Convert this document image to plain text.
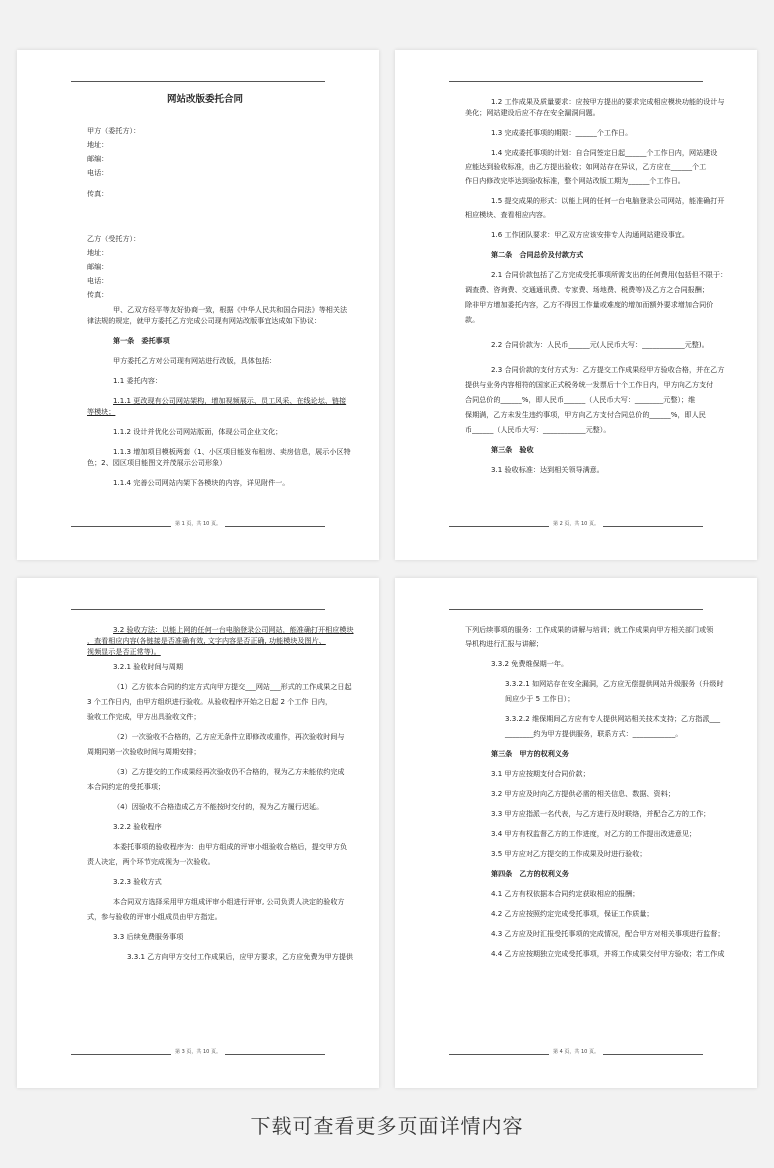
网站改版委托合同
甲方（委托方）：
地址：
邮编：
电话：
传真：
乙方（受托方）：
地址：
邮编：
电话：
传真：
甲、乙双方经平等友好协商一致，根据《中华人民共和国合同法》等相关法
律法规的规定，就甲方委托乙方完成公司现有网站改版事宜达成如下协议：
第一条　委托事项
甲方委托乙方对公司现有网站进行改版，具体包括：
1.1 委托内容：
1.1.1 更改现有公司网站架构，增加视频展示、员工风采、在线论坛、链接
等模块；
1.1.2 设计并优化公司网站版面，体现公司企业文化；
1.1.3 增加项目模板两套（1、小区项目能发布租房、卖房信息，展示小区特
色；2、园区项目能图文并茂展示公司形象）
1.1.4 完善公司网站内架下各模块的内容，详见附件一。
第 1 页，共 10 页。
1.2 工作成果及质量要求：应按甲方提出的要求完成相应模块功能的设计与
美化；网站建设后应不存在安全漏洞问题。
1.3 完成委托事项的期限：______个工作日。
1.4 完成委托事项的计划：自合同签定日起______个工作日内，网站建设
应能达到验收标准，由乙方提出验收；如网站存在异议，乙方应在______个工
作日内修改完毕达到验收标准，整个网站改版工期为______个工作日。
1.5 提交成果的形式：以能上网的任何一台电脑登录公司网站，能准确打开
相应模块、查看相应内容。
1.6 工作团队要求：甲乙双方应该安排专人沟通网站建设事宜。
第二条　合同总价及付款方式
2.1 合同价款包括了乙方完成受托事项所需支出的任何费用(包括但不限于：
调查费、咨询费、交通通讯费、专家费、场地费、税费等)及乙方之合同报酬；
除非甲方增加委托内容，乙方不得因工作量或难度的增加而额外要求增加合同价
款。
2.2 合同价款为：人民币______元(人民币大写：____________元整)。
2.3 合同价款的支付方式为：乙方提交工作成果经甲方验收合格，并在乙方
提供与业务内容相符的国家正式税务统一发票后十个工作日内，甲方向乙方支付
合同总价的______%，即人民币______（人民币大写：________元整）；维
保期满，乙方未发生违约事项，甲方向乙方支付合同总价的______%，即人民
币______（人民币大写：____________元整）。
第三条　验收
3.1 验收标准：达到相关领导满意。
第 2 页，共 10 页。
3.2 验收方法：以能上网的任何一台电脑登录公司网站，能准确打开相应模块
，查看相应内容(各链接是否准确有效, 文字内容是否正确, 功能模块及图片、
视频显示是否正常等)。
3.2.1 验收时间与周期
（1）乙方依本合同的约定方式向甲方提交___网站___形式的工作成果之日起
3 个工作日内，由甲方组织进行验收。从验收程序开始之日起 2 个工作 日内，
验收工作完成，甲方出具验收文件；
（2）一次验收不合格的，乙方应无条件立即修改或重作，再次验收时间与
周期同第一次验收时间与周期安排；
（3）乙方提交的工作成果经再次验收仍不合格的，视为乙方未能依约完成
本合同约定的受托事项；
（4）因验收不合格造成乙方不能按时交付的，视为乙方履行迟延。
3.2.2 验收程序
本委托事项的验收程序为：由甲方组成的评审小组验收合格后，提交甲方负
责人决定，两个环节完成视为一次验收。
3.2.3 验收方式
本合同双方选择采用甲方组成评审小组进行评审, 公司负责人决定的验收方
式，参与验收的评审小组成员由甲方指定。
3.3 后续免费服务事项
3.3.1 乙方向甲方交付工作成果后，应甲方要求，乙方应免费为甲方提供
第 3 页，共 10 页。
下列后续事项的服务：工作成果的讲解与培训；就工作成果向甲方相关部门或领
导机构进行汇报与讲解；
3.3.2 免费维保期一年。
3.3.2.1 如网站存在安全漏洞，乙方应无偿提供网站升级服务（升级时
间应少于 5 工作日）；
3.3.2.2 维保期间乙方应有专人提供网站相关技术支持；乙方指派___
________约为甲方提供服务，联系方式：____________。
第三条　甲方的权利义务
3.1 甲方应按期支付合同价款；
3.2 甲方应及时向乙方提供必需的相关信息、数据、资料；
3.3 甲方应指派一名代表，与乙方进行及时联络，并配合乙方的工作；
3.4 甲方有权监督乙方的工作进度，对乙方的工作提出改进意见；
3.5 甲方应对乙方提交的工作成果及时进行验收；
第四条　乙方的权利义务
4.1 乙方有权依据本合同约定获取相应的报酬；
4.2 乙方应按照约定完成受托事项，保证工作质量；
4.3 乙方应及时汇报受托事项的完成情况，配合甲方对相关事项进行监督；
4.4 乙方应按期独立完成受托事项，并将工作成果交付甲方验收；若工作成
第 4 页，共 10 页。
下载可查看更多页面详情内容
